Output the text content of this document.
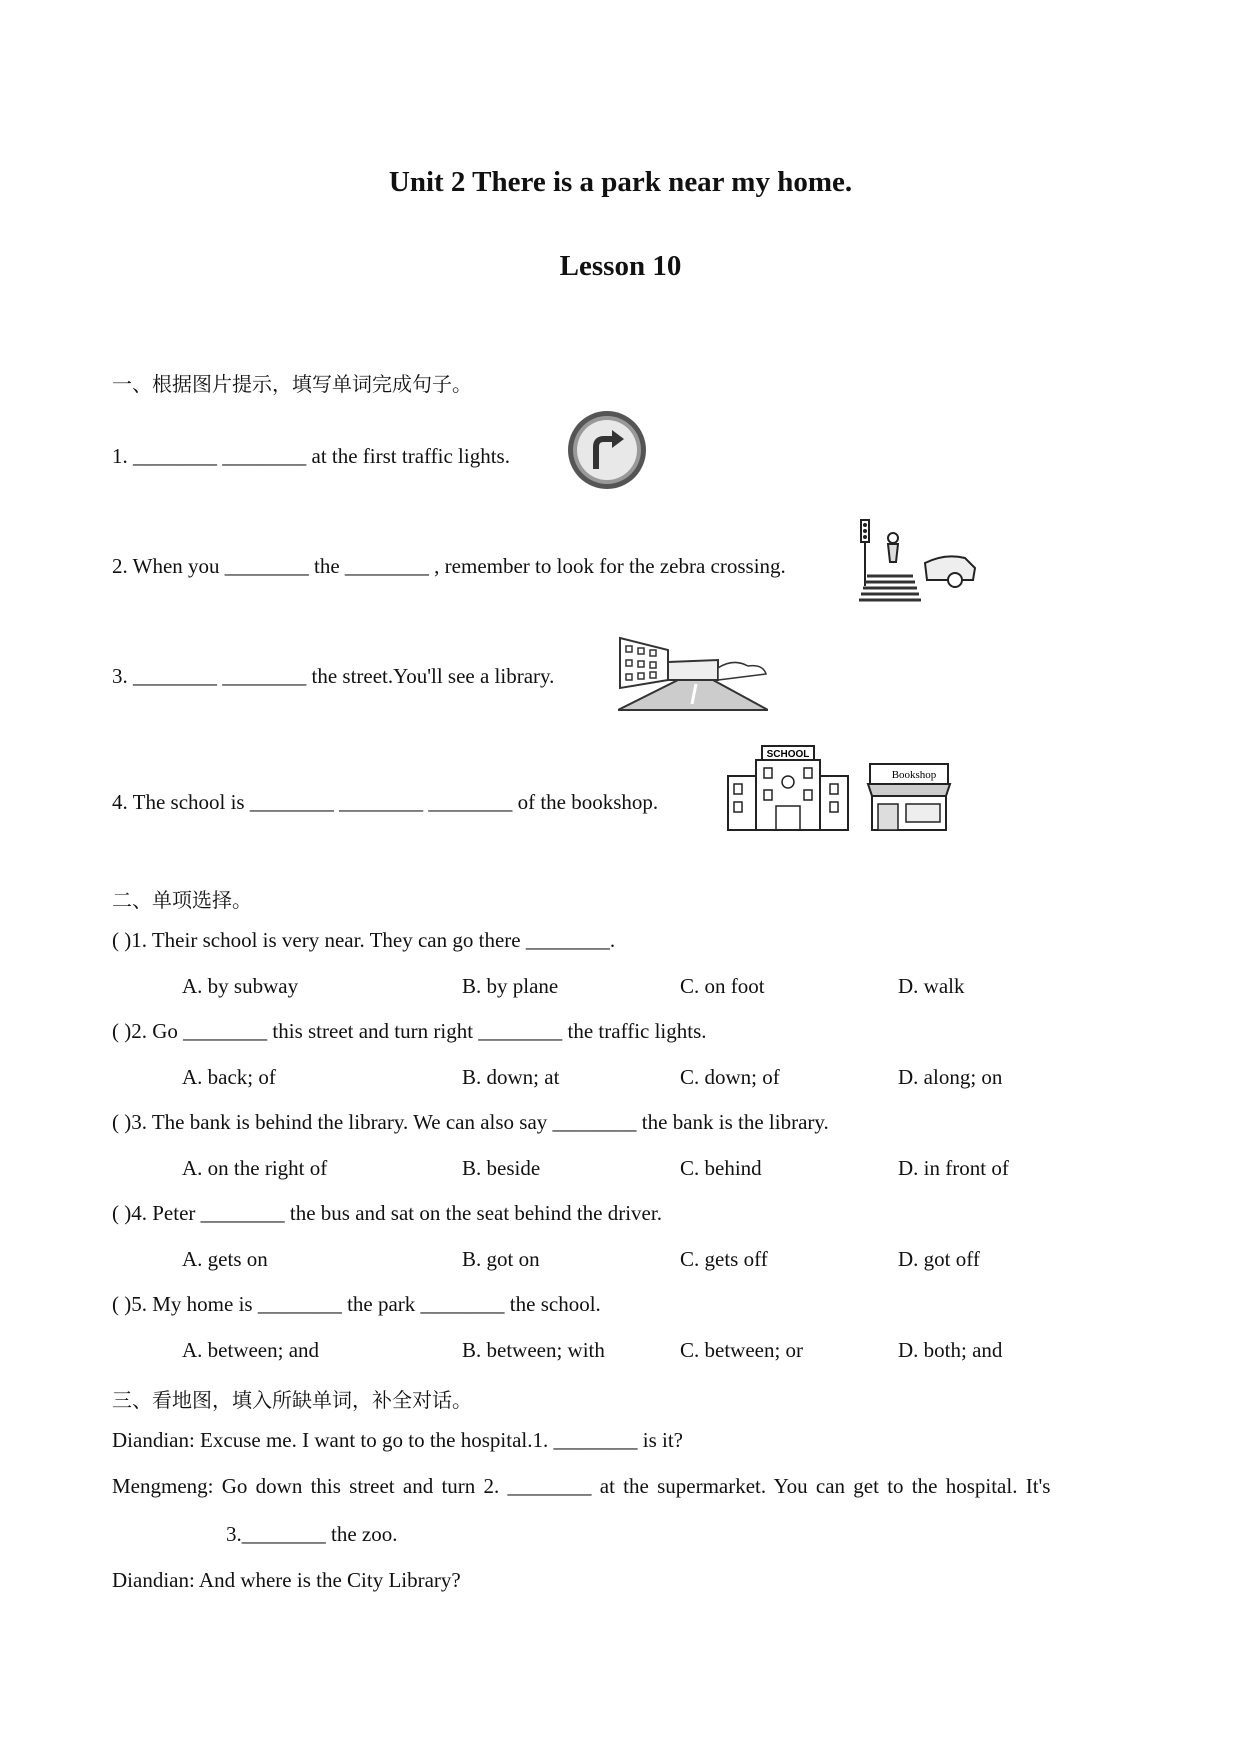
Unit 2 There is a park near my home.
Lesson 10
一、根据图片提示，填写单词完成句子。
1. ________ ________ at the first traffic lights.
2. When you ________ the ________ , remember to look for the zebra crossing.
3. ________ ________ the street.You'll see a library.
4. The school is ________ ________ ________ of the bookshop.
SCHOOL
Bookshop
二、单项选择。
( )1. Their school is very near. They can go there ________.
A. by subway	B. by plane	C. on foot	D. walk
( )2. Go ________ this street and turn right ________ the traffic lights.
A. back; of	B. down; at	C. down; of	D. along; on
( )3. The bank is behind the library. We can also say ________ the bank is the library.
A. on the right of	B. beside	C. behind	D. in front of
( )4. Peter ________ the bus and sat on the seat behind the driver.
A. gets on	B. got on	C. gets off	D. got off
( )5. My home is ________ the park ________ the school.
A. between; and	B. between; with	C. between; or	D. both; and
三、看地图，填入所缺单词，补全对话。
Diandian: Excuse me. I want to go to the hospital.1. ________ is it?
Mengmeng: Go down this street and turn 2. ________ at the supermarket. You can get to the hospital. It's
3.________ the zoo.
Diandian: And where is the City Library?
